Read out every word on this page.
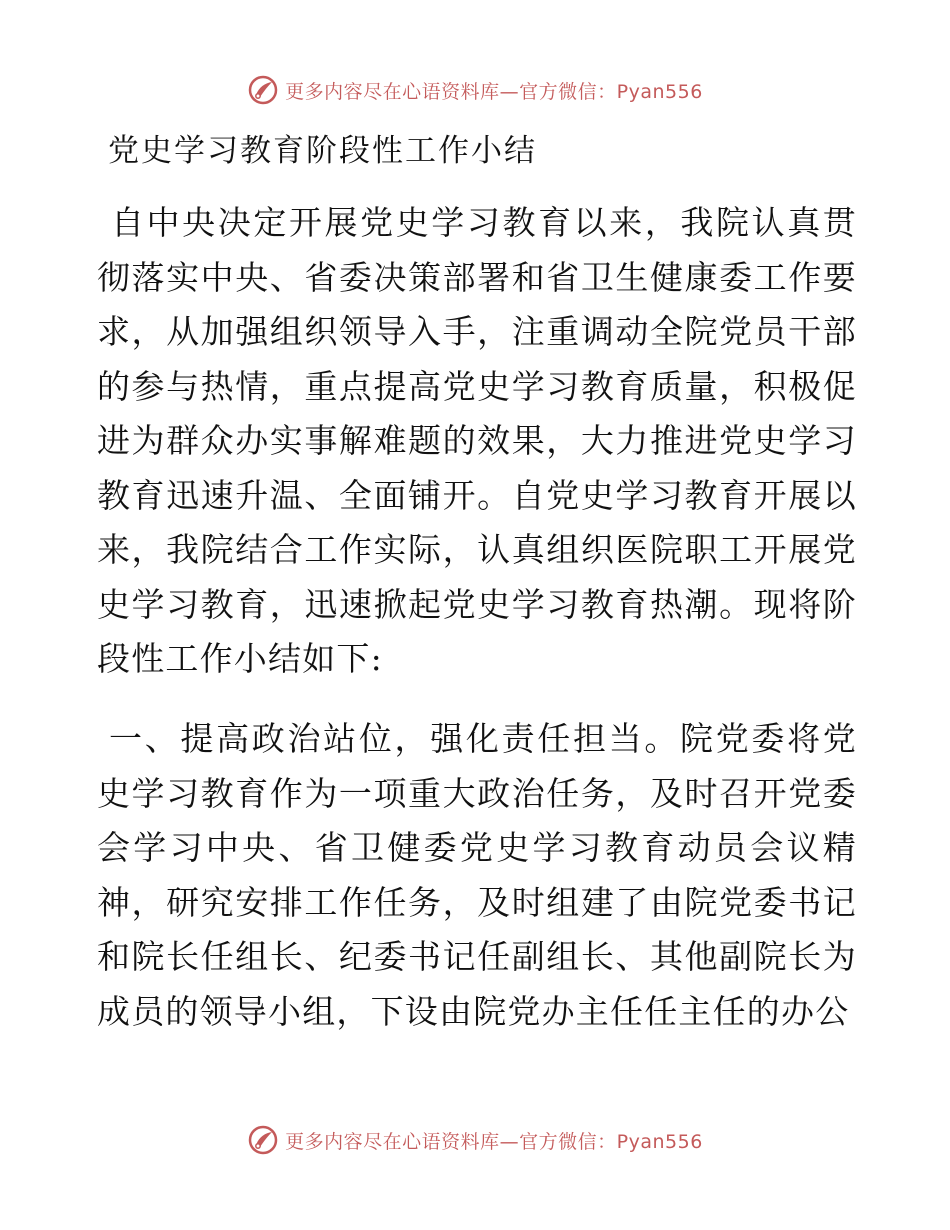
更多内容尽在心语资料库—官方微信：Pyan556
党史学习教育阶段性工作小结

自中央决定开展党史学习教育以来，我院认真贯彻落实中央、省委决策部署和省卫生健康委工作要求，从加强组织领导入手，注重调动全院党员干部的参与热情，重点提高党史学习教育质量，积极促进为群众办实事解难题的效果，大力推进党史学习教育迅速升温、全面铺开。自党史学习教育开展以来，我院结合工作实际，认真组织医院职工开展党史学习教育，迅速掀起党史学习教育热潮。现将阶段性工作小结如下:

一、提高政治站位，强化责任担当。院党委将党史学习教育作为一项重大政治任务，及时召开党委会学习中央、省卫健委党史学习教育动员会议精神，研究安排工作任务，及时组建了由院党委书记和院长任组长、纪委书记任副组长、其他副院长为成员的领导小组，下设由院党办主任任主任的办公

更多内容尽在心语资料库—官方微信：Pyan556
